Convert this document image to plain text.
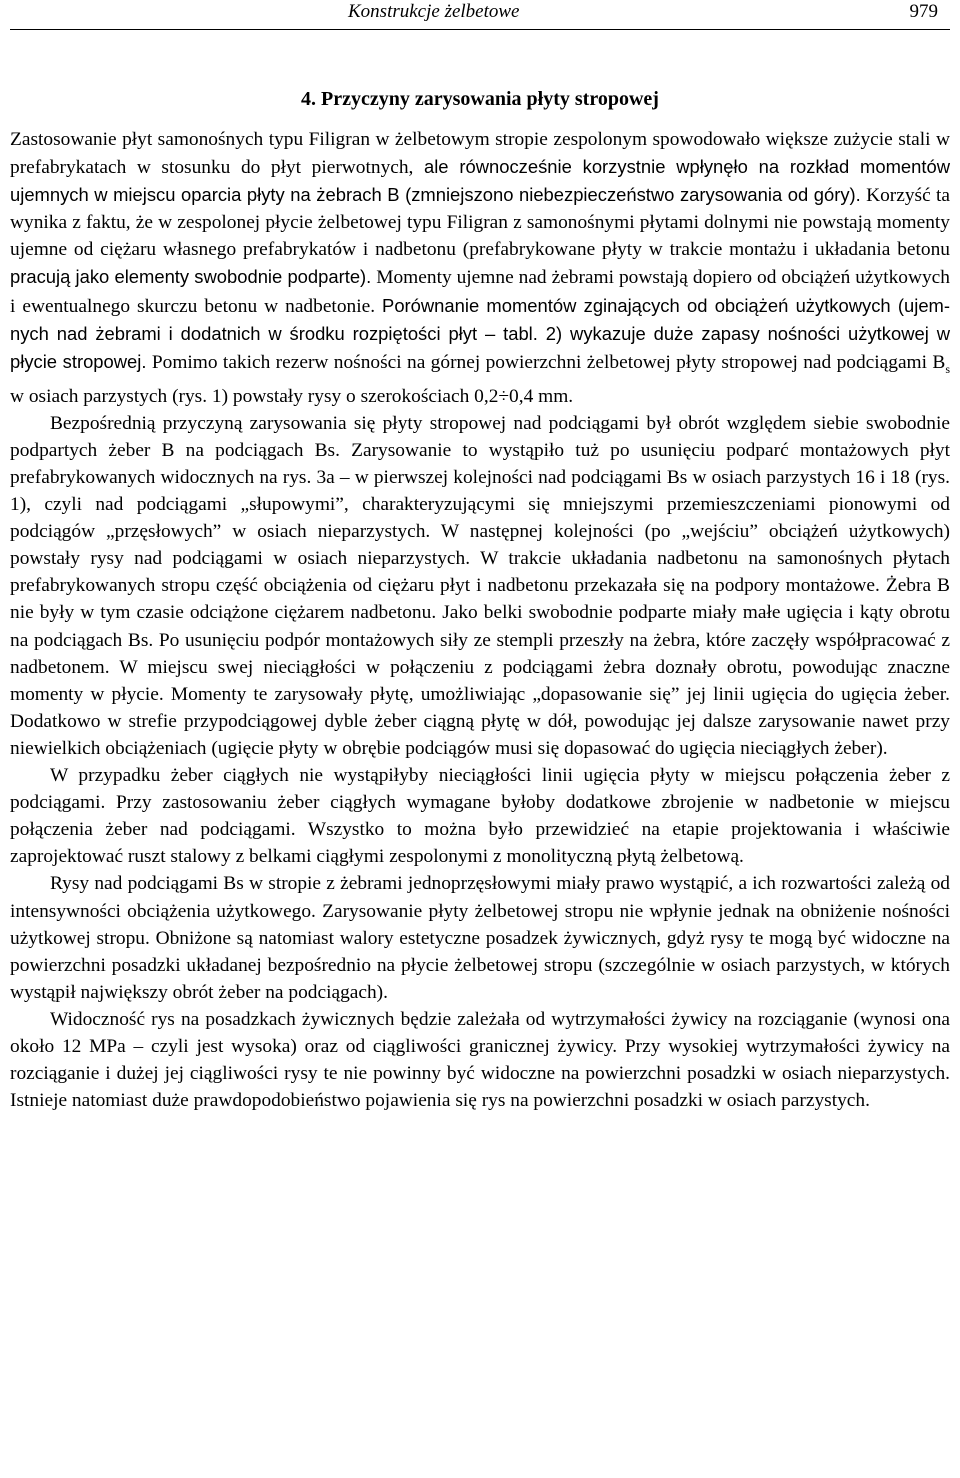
Konstrukcje żelbetowe	979
4. Przyczyny zarysowania płyty stropowej

Zastosowanie płyt samonośnych typu Filigran w żelbetowym stropie zespolonym spowodowało większe zużycie stali w prefabrykatach w stosunku do płyt pierwotnych, ale równocześnie korzystnie wpłynęło na rozkład momentów ujemnych w miejscu oparcia płyty na żebrach B (zmniejszono niebezpieczeństwo zarysowania od góry). Korzyść ta wynika z faktu, że w zespolonej płycie żelbetowej typu Filigran z samonośnymi płytami dolnymi nie powstają momenty ujemne od ciężaru własnego prefabrykatów i nadbetonu (prefabrykowane płyty w trakcie montażu i układania betonu pracują jako elementy swobodnie podparte). Momenty ujemne nad żebrami powstają dopiero od obciążeń użytkowych i ewentualnego skurczu betonu w nadbetonie. Porównanie momentów zginających od obciążeń użytkowych (ujemnych nad żebrami i dodatnich w środku rozpiętości płyt – tabl. 2) wykazuje duże zapasy nośności użytkowej w płycie stropowej. Pomimo takich rezerw nośności na górnej powierzchni żelbetowej płyty stropowej nad podciągami $B_s$ w osiach parzystych (rys. 1) powstały rysy o szerokościach 0,2÷0,4 mm.

Bezpośrednią przyczyną zarysowania się płyty stropowej nad podciągami był obrót względem siebie swobodnie podpartych żeber B na podciągach Bs. Zarysowanie to wystąpiło tuż po usunięciu podparć montażowych płyt prefabrykowanych widocznych na rys. 3a – w pierwszej kolejności nad podciągami Bs w osiach parzystych 16 i 18 (rys. 1), czyli nad podciągami „słupowymi”, charakteryzującymi się mniejszymi przemieszczeniami pionowymi od podciągów „przęsłowych” w osiach nieparzystych. W następnej kolejności (po „wejściu” obciążeń użytkowych) powstały rysy nad podciągami w osiach nieparzystych. W trakcie układania nadbetonu na samonośnych płytach prefabrykowanych stropu część obciążenia od ciężaru płyt i nadbetonu przekazała się na podpory montażowe. Żebra B nie były w tym czasie odciążone ciężarem nadbetonu. Jako belki swobodnie podparte miały małe ugięcia i kąty obrotu na podciągach Bs. Po usunięciu podpór montażowych siły ze stempli przeszły na żebra, które zaczęły współpracować z nadbetonem. W miejscu swej nieciągłości w połączeniu z podciągami żebra doznały obrotu, powodując znaczne momenty w płycie. Momenty te zarysowały płytę, umożliwiając „dopasowanie się” jej linii ugięcia do ugięcia żeber. Dodatkowo w strefie przypodciągowej dyble żeber ciągną płytę w dół, powodując jej dalsze zarysowanie nawet przy niewielkich obciążeniach (ugięcie płyty w obrębie podciągów musi się dopasować do ugięcia nieciągłych żeber).

W przypadku żeber ciągłych nie wystąpiłyby nieciągłości linii ugięcia płyty w miejscu połączenia żeber z podciągami. Przy zastosowaniu żeber ciągłych wymagane byłoby dodatkowe zbrojenie w nadbetonie w miejscu połączenia żeber nad podciągami. Wszystko to można było przewidzieć na etapie projektowania i właściwie zaprojektować ruszt stalowy z belkami ciągłymi zespolonymi z monolityczną płytą żelbetową.

Rysy nad podciągami Bs w stropie z żebrami jednoprzęsłowymi miały prawo wystąpić, a ich rozwartości zależą od intensywności obciążenia użytkowego. Zarysowanie płyty żelbetowej stropu nie wpłynie jednak na obniżenie nośności użytkowej stropu. Obniżone są natomiast walory estetyczne posadzek żywicznych, gdyż rysy te mogą być widoczne na powierzchni posadzki układanej bezpośrednio na płycie żelbetowej stropu (szczególnie w osiach parzystych, w których wystąpił największy obrót żeber na podciągach).

Widoczność rys na posadzkach żywicznych będzie zależała od wytrzymałości żywicy na rozciąganie (wynosi ona około 12 MPa – czyli jest wysoka) oraz od ciągliwości granicznej żywicy. Przy wysokiej wytrzymałości żywicy na rozciąganie i dużej jej ciągliwości rysy te nie powinny być widoczne na powierzchni posadzki w osiach nieparzystych. Istnieje natomiast duże prawdopodobieństwo pojawienia się rys na powierzchni posadzki w osiach parzystych.
